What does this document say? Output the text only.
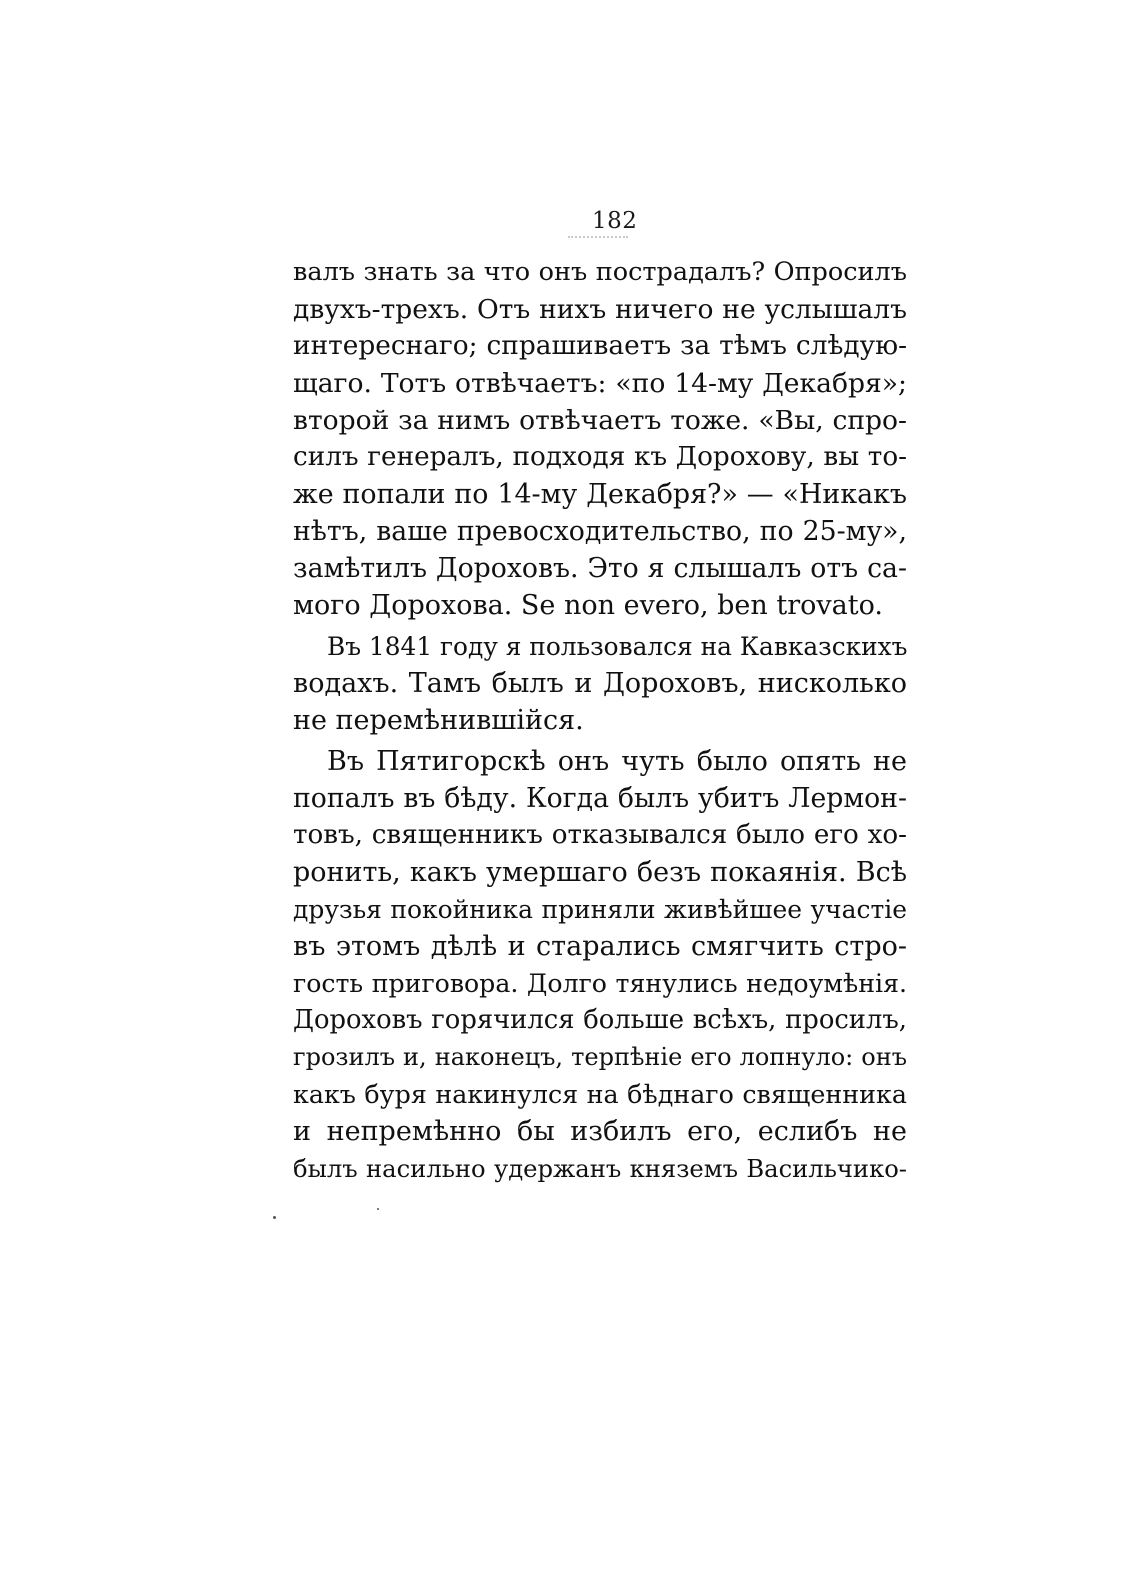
182
валъ знать за что онъ пострадалъ? Опросилъ
двухъ-трехъ. Отъ нихъ ничего не услышалъ
интереснаго; спрашиваетъ за тѣмъ слѣдую-
щаго. Тотъ отвѣчаетъ: «по 14-му Декабря»;
второй за нимъ отвѣчаетъ тоже. «Вы, спро-
силъ генералъ, подходя къ Дорохову, вы то-
же попали по 14-му Декабря?» — «Никакъ
нѣтъ, ваше превосходительство, по 25-му»,
замѣтилъ Дороховъ. Это я слышалъ отъ са-
мого Дорохова. Se non evero, ben trovato.
Въ 1841 году я пользовался на Кавказскихъ
водахъ. Тамъ былъ и Дороховъ, нисколько
не перемѣнившiйся.
Въ Пятигорскѣ онъ чуть было опять не
попалъ въ бѣду. Когда былъ убитъ Лермон-
товъ, священникъ отказывался было его хо-
ронить, какъ умершаго безъ покаянiя. Всѣ
друзья покойника приняли живѣйшее участiе
въ этомъ дѣлѣ и старались смягчить стро-
гость приговора. Долго тянулись недоумѣнiя.
Дороховъ горячился больше всѣхъ, просилъ,
грозилъ и, наконецъ, терпѣнiе его лопнуло: онъ
какъ буря накинулся на бѣднаго священника
и непремѣнно бы избилъ его, еслибъ не
былъ насильно удержанъ княземъ Васильчико-
